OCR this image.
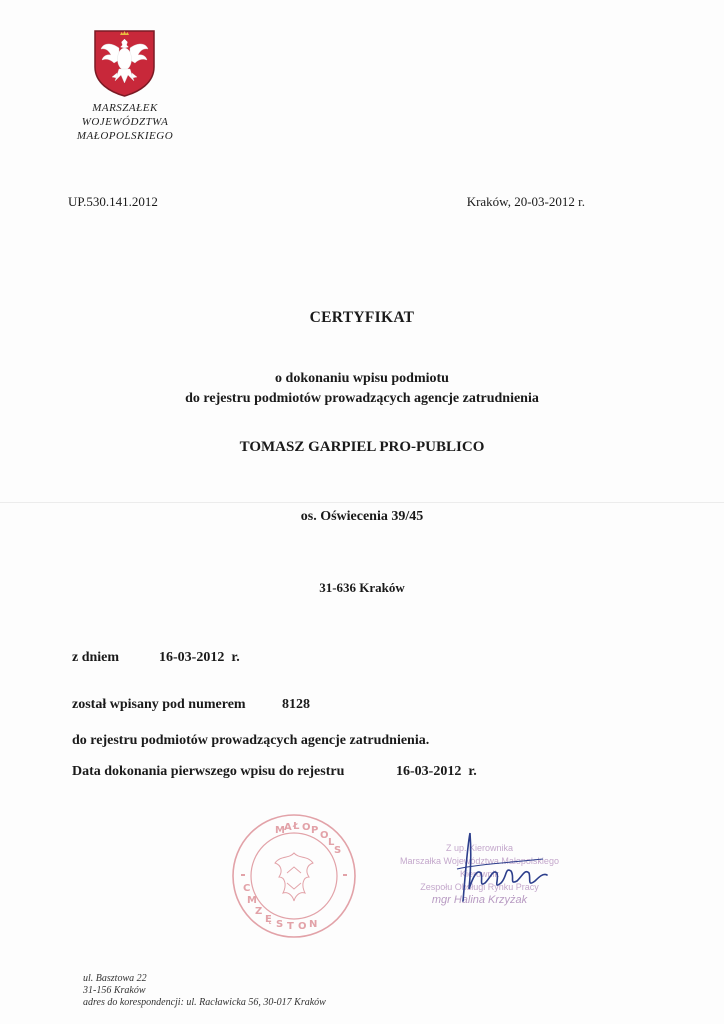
MARSZAŁEK
WOJEWÓDZTWA
MAŁOPOLSKIEGO
UP.530.141.2012	Kraków, 20-03-2012 r.
CERTYFIKAT
o dokonaniu wpisu podmiotu
do rejestru podmiotów prowadzących agencje zatrudnienia
TOMASZ GARPIEL PRO-PUBLICO
os. Oświecenia 39/45
31-636 Kraków
z dniem	16-03-2012  r.
został wpisany pod numerem	8128
do rejestru podmiotów prowadzących agencje zatrudnienia.
Data dokonania pierwszego wpisu do rejestru	16-03-2012  r.
M A Ł O P O
L
S
C
M
Z
Ę S T O N
Z up. Kierownika
Marszałka Województwa Małopolskiego
Kierownik
Zespołu Obsługi Rynku Pracy
mgr Halina Krzyżak
ul. Basztowa 22
31-156 Kraków
adres do korespondencji: ul. Racławicka 56, 30-017 Kraków
